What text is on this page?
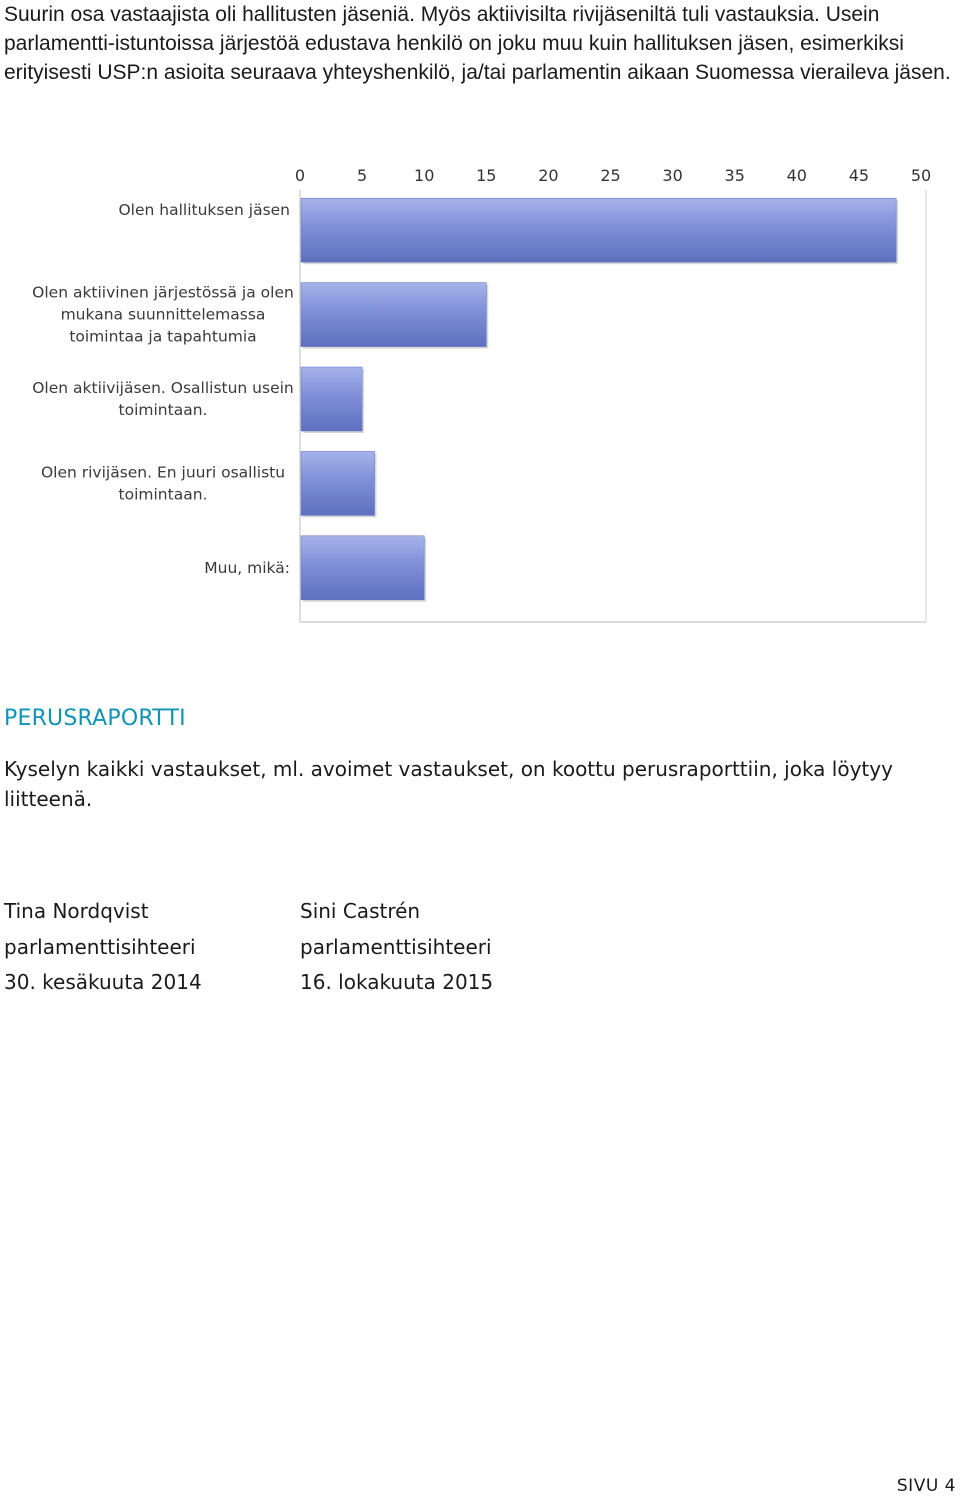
Suurin osa vastaajista oli hallitusten jäseniä. Myös aktiivisilta rivijäseniltä tuli vastauksia. Usein parlamentti-istuntoissa järjestöä edustava henkilö on joku muu kuin hallituksen jäsen, esimerkiksi erityisesti USP:n asioita seuraava yhteyshenkilö, ja/tai parlamentin aikaan Suomessa vieraileva jäsen.

0	5	10	15	20	25	30	35	40	45	50
Olen hallituksen jäsen
Olen aktiivinen järjestössä ja olen mukana suunnittelemassa toimintaa ja tapahtumia
Olen aktiivijäsen. Osallistun usein toimintaan.
Olen rivijäsen. En juuri osallistu toimintaan.
Muu, mikä:
PERUSRAPORTTI

Kyselyn kaikki vastaukset, ml. avoimet vastaukset, on koottu perusraporttiin, joka löytyy liitteenä.

Tina Nordqvist
parlamenttisihteeri
30. kesäkuuta 2014
Sini Castrén
parlamenttisihteeri
16. lokakuuta 2015
SIVU 4
